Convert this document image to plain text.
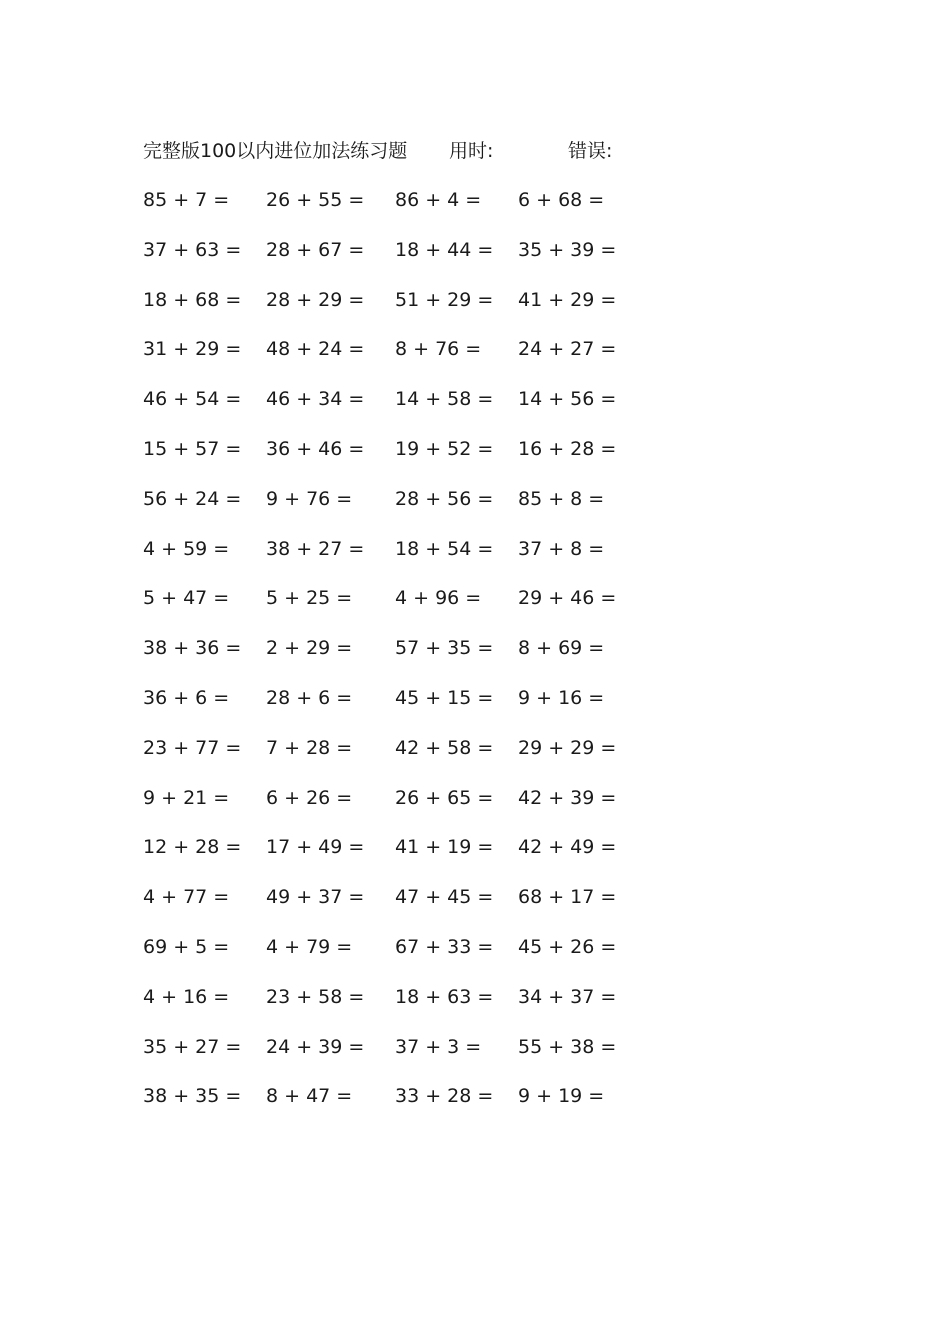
完整版100以内进位加法练习题 用时:	错误:
85 + 7 = 26 + 55 = 86 + 4 = 6 + 68 =
37 + 63 = 28 + 67 = 18 + 44 = 35 + 39 =
18 + 68 = 28 + 29 = 51 + 29 = 41 + 29 =
31 + 29 = 48 + 24 = 8 + 76 = 24 + 27 =
46 + 54 = 46 + 34 = 14 + 58 = 14 + 56 =
15 + 57 = 36 + 46 = 19 + 52 = 16 + 28 =
56 + 24 = 9 + 76 = 28 + 56 = 85 + 8 =
4 + 59 = 38 + 27 = 18 + 54 = 37 + 8 =
5 + 47 = 5 + 25 = 4 + 96 = 29 + 46 =
38 + 36 = 2 + 29 = 57 + 35 = 8 + 69 =
36 + 6 = 28 + 6 = 45 + 15 = 9 + 16 =
23 + 77 = 7 + 28 = 42 + 58 = 29 + 29 =
9 + 21 = 6 + 26 = 26 + 65 = 42 + 39 =
12 + 28 = 17 + 49 = 41 + 19 = 42 + 49 =
4 + 77 = 49 + 37 = 47 + 45 = 68 + 17 =
69 + 5 = 4 + 79 = 67 + 33 = 45 + 26 =
4 + 16 = 23 + 58 = 18 + 63 = 34 + 37 =
35 + 27 = 24 + 39 = 37 + 3 = 55 + 38 =
38 + 35 = 8 + 47 = 33 + 28 = 9 + 19 =
